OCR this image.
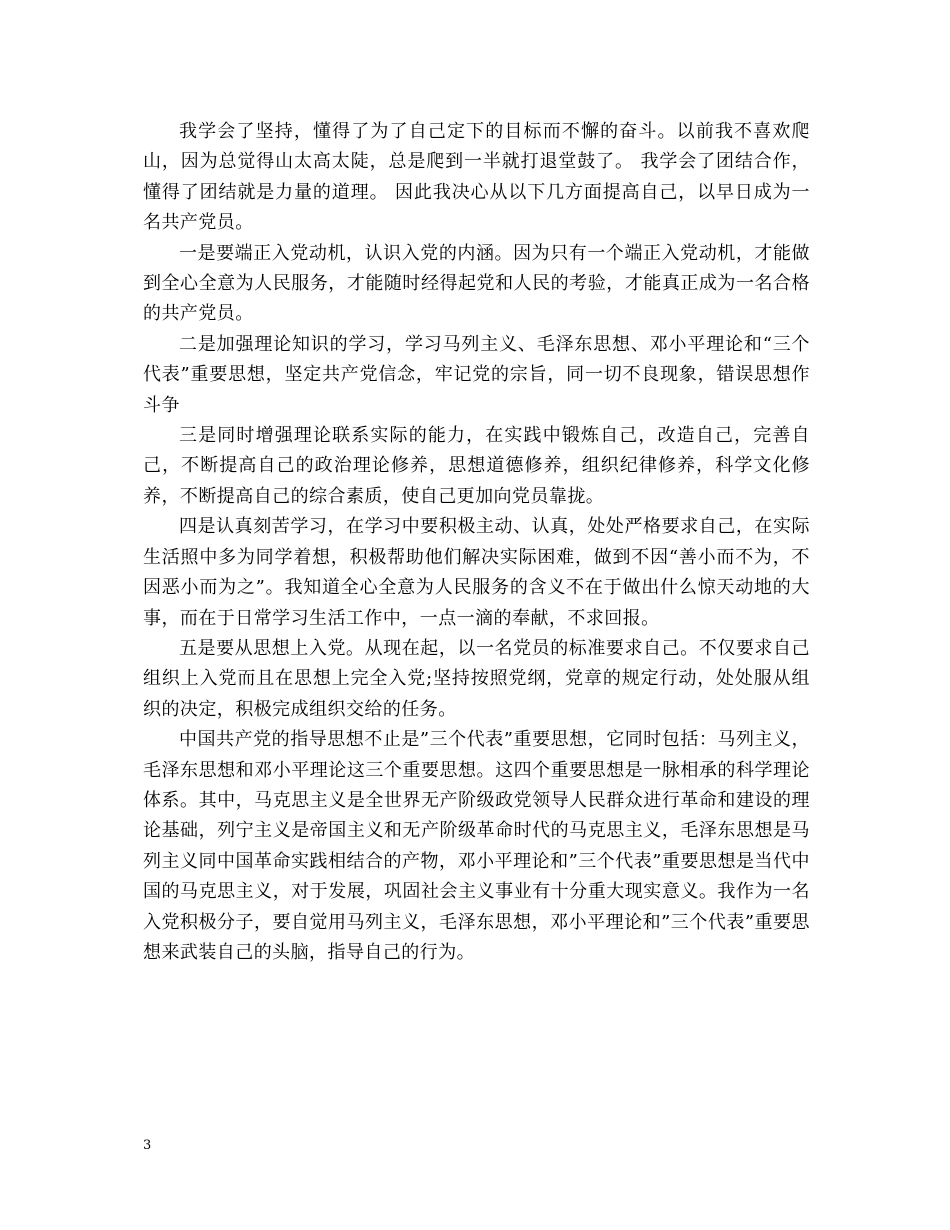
我学会了坚持，懂得了为了自己定下的目标而不懈的奋斗。以前我不喜欢爬山，因为总觉得山太高太陡，总是爬到一半就打退堂鼓了。 我学会了团结合作，懂得了团结就是力量的道理。 因此我决心从以下几方面提高自己，以早日成为一名共产党员。

一是要端正入党动机，认识入党的内涵。因为只有一个端正入党动机，才能做到全心全意为人民服务，才能随时经得起党和人民的考验，才能真正成为一名合格的共产党员。

二是加强理论知识的学习，学习马列主义、毛泽东思想、邓小平理论和“三个代表”重要思想，坚定共产党信念，牢记党的宗旨，同一切不良现象，错误思想作斗争

三是同时增强理论联系实际的能力，在实践中锻炼自己，改造自己，完善自己，不断提高自己的政治理论修养，思想道德修养，组织纪律修养，科学文化修养，不断提高自己的综合素质，使自己更加向党员靠拢。

四是认真刻苦学习，在学习中要积极主动、认真，处处严格要求自己，在实际生活照中多为同学着想，积极帮助他们解决实际困难，做到不因“善小而不为，不因恶小而为之”。我知道全心全意为人民服务的含义不在于做出什么惊天动地的大事，而在于日常学习生活工作中，一点一滴的奉献，不求回报。

五是要从思想上入党。从现在起，以一名党员的标准要求自己。不仅要求自己组织上入党而且在思想上完全入党;坚持按照党纲，党章的规定行动，处处服从组织的决定，积极完成组织交给的任务。

中国共产党的指导思想不止是”三个代表”重要思想，它同时包括：马列主义，毛泽东思想和邓小平理论这三个重要思想。这四个重要思想是一脉相承的科学理论体系。其中，马克思主义是全世界无产阶级政党领导人民群众进行革命和建设的理论基础，列宁主义是帝国主义和无产阶级革命时代的马克思主义，毛泽东思想是马列主义同中国革命实践相结合的产物，邓小平理论和”三个代表”重要思想是当代中国的马克思主义，对于发展，巩固社会主义事业有十分重大现实意义。我作为一名入党积极分子，要自觉用马列主义，毛泽东思想，邓小平理论和”三个代表”重要思想来武装自己的头脑，指导自己的行为。

3
